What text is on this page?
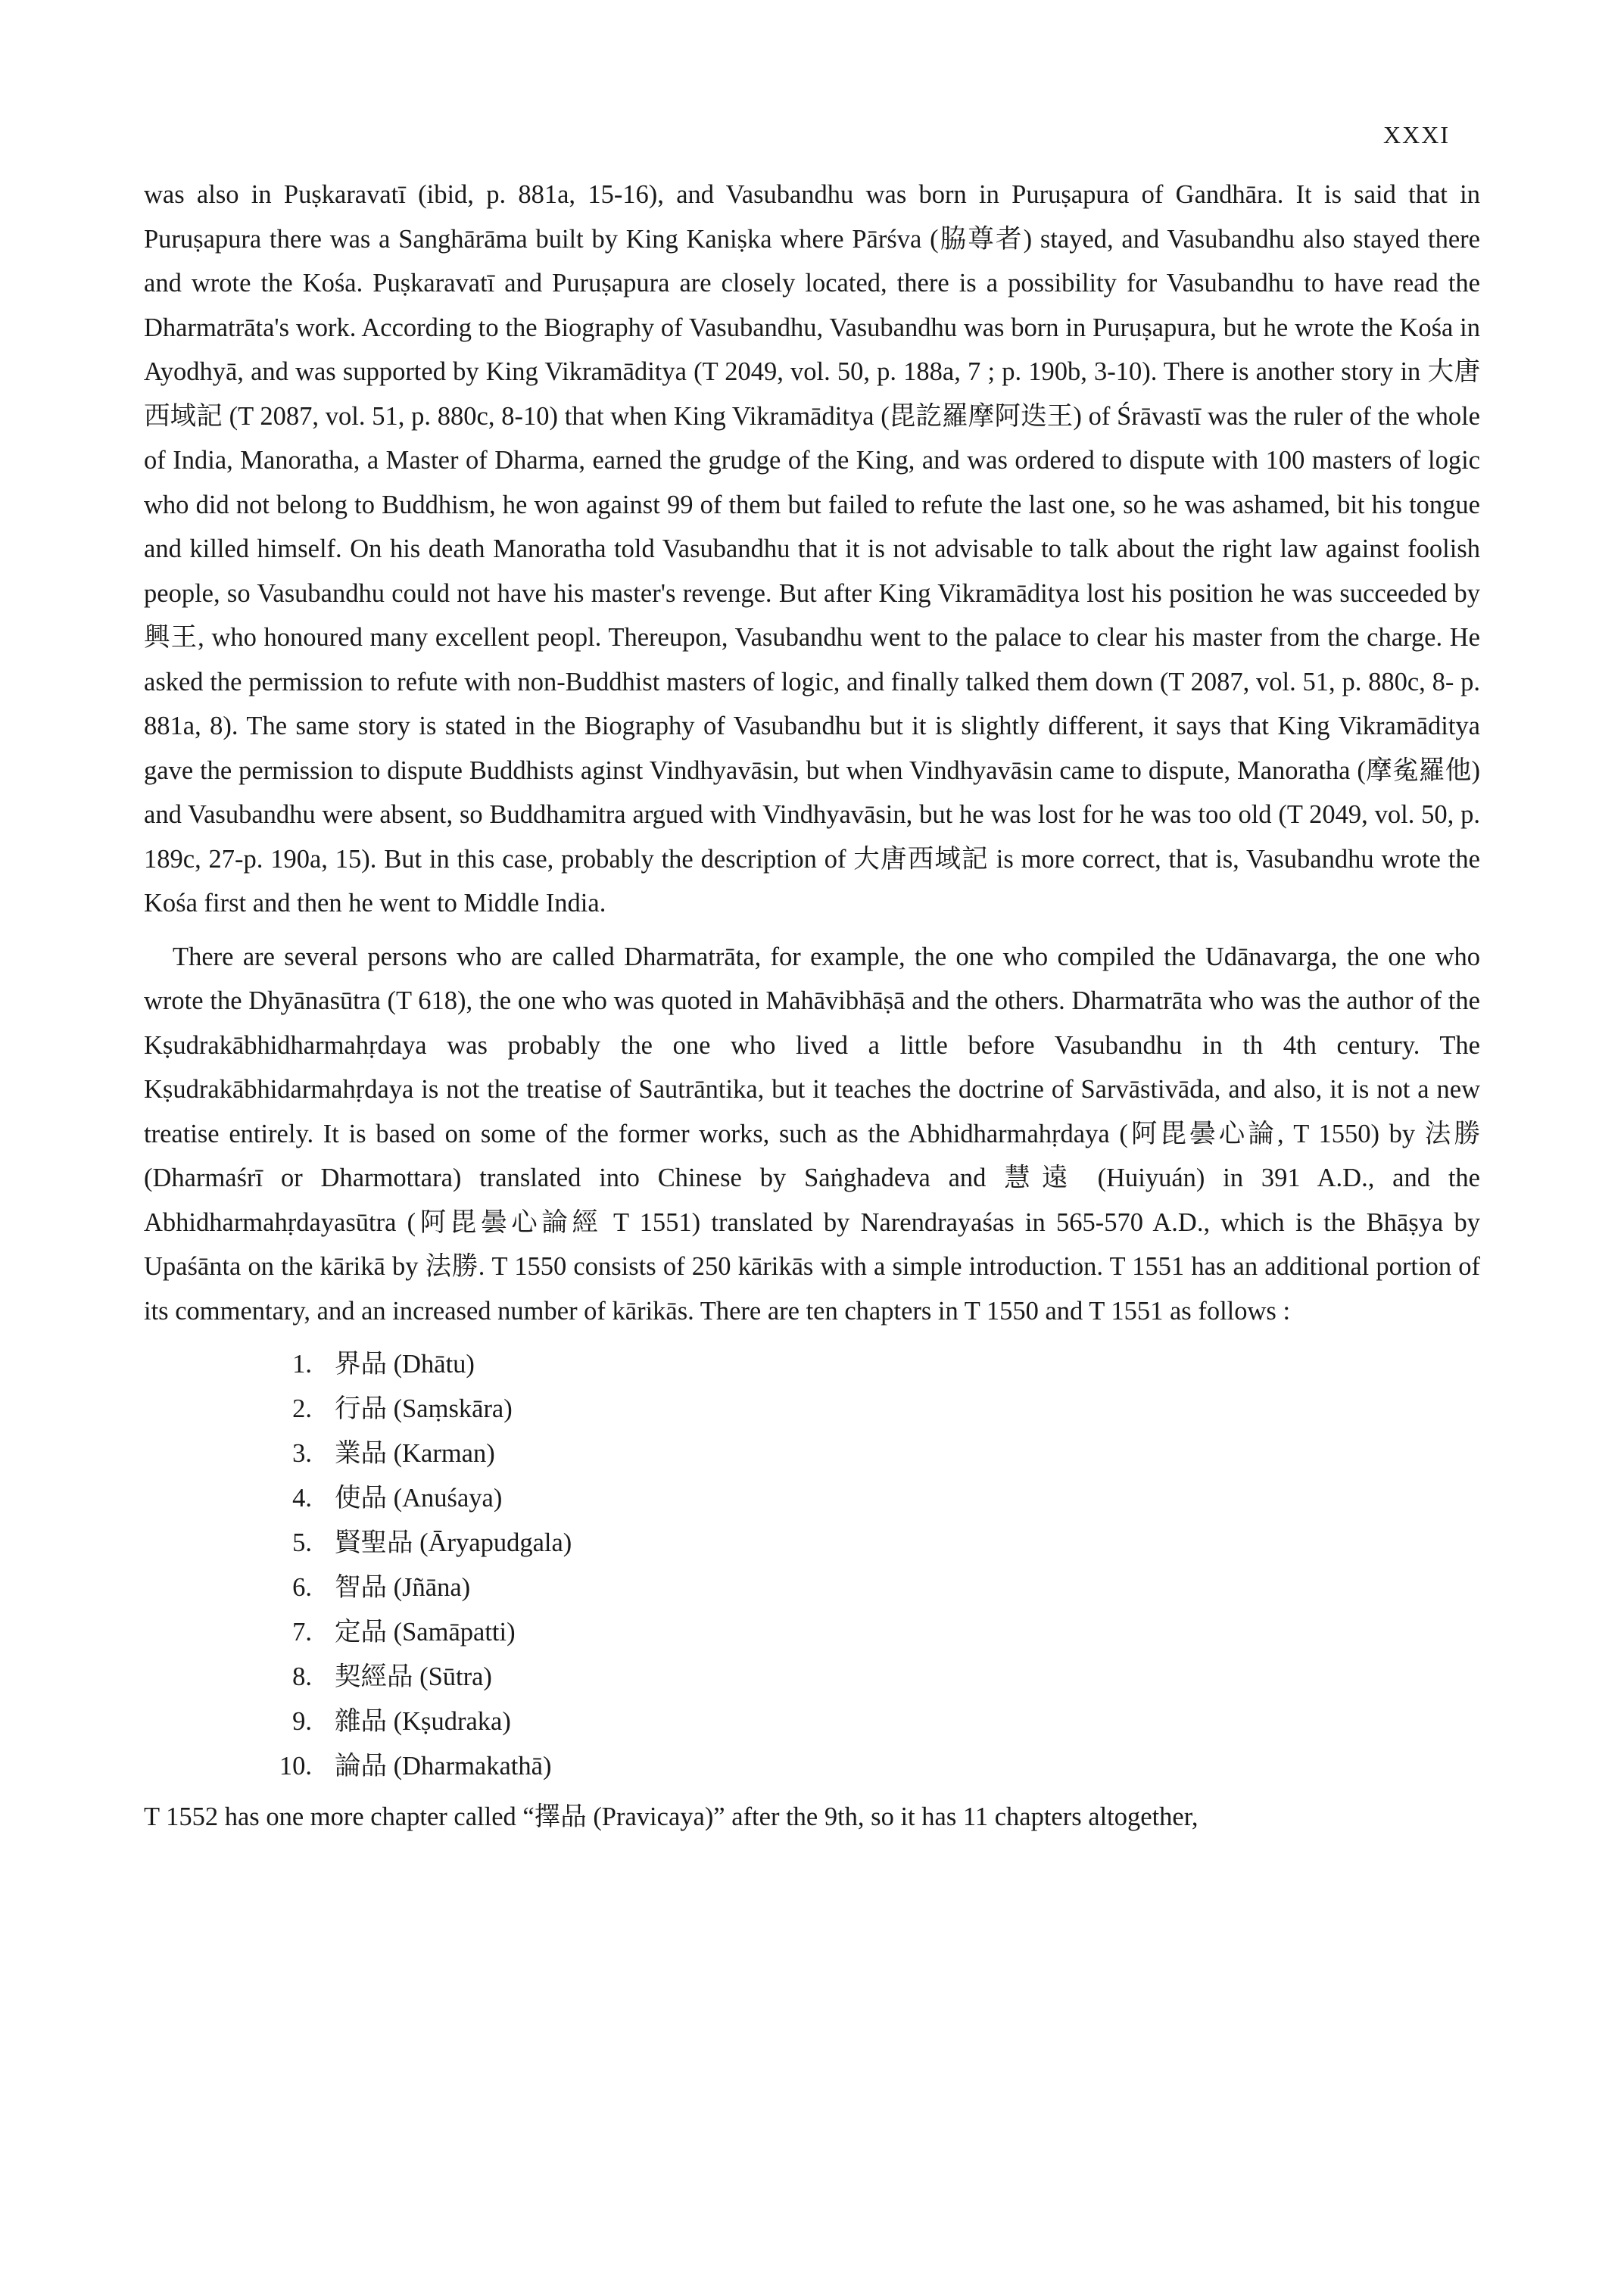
XXXI

was also in Puṣkaravatī (ibid, p. 881a, 15-16), and Vasubandhu was born in Puruṣapura of Gandhāra. It is said that in Puruṣapura there was a Sanghārāma built by King Kaniṣka where Pārśva (脇尊者) stayed, and Vasubandhu also stayed there and wrote the Kośa. Puṣkaravatī and Puruṣapura are closely located, there is a possibility for Vasubandhu to have read the Dharmatrāta's work. According to the Biography of Vasubandhu, Vasubandhu was born in Puruṣapura, but he wrote the Kośa in Ayodhyā, and was supported by King Vikramāditya (T 2049, vol. 50, p. 188a, 7 ; p. 190b, 3-10). There is another story in 大唐西域記 (T 2087, vol. 51, p. 880c, 8-10) that when King Vikramāditya (毘訖羅摩阿迭王) of Śrāvastī was the ruler of the whole of India, Manoratha, a Master of Dharma, earned the grudge of the King, and was ordered to dispute with 100 masters of logic who did not belong to Buddhism, he won against 99 of them but failed to refute the last one, so he was ashamed, bit his tongue and killed himself. On his death Manoratha told Vasubandhu that it is not advisable to talk about the right law against foolish people, so Vasubandhu could not have his master's revenge. But after King Vikramāditya lost his position he was succeeded by 興王, who honoured many excellent peopl. Thereupon, Vasubandhu went to the palace to clear his master from the charge. He asked the permission to refute with non-Buddhist masters of logic, and finally talked them down (T 2087, vol. 51, p. 880c, 8- p. 881a, 8). The same story is stated in the Biography of Vasubandhu but it is slightly different, it says that King Vikramāditya gave the permission to dispute Buddhists aginst Vindhyavāsin, but when Vindhyavāsin came to dispute, Manoratha (摩㝹羅他) and Vasubandhu were absent, so Buddhamitra argued with Vindhyavāsin, but he was lost for he was too old (T 2049, vol. 50, p. 189c, 27-p. 190a, 15). But in this case, probably the description of 大唐西域記 is more correct, that is, Vasubandhu wrote the Kośa first and then he went to Middle India.

There are several persons who are called Dharmatrāta, for example, the one who compiled the Udānavarga, the one who wrote the Dhyānasūtra (T 618), the one who was quoted in Mahāvibhāṣā and the others. Dharmatrāta who was the author of the Kṣudrakābhidharmahṛdaya was probably the one who lived a little before Vasubandhu in th 4th century. The Kṣudrakābhidarmahṛdaya is not the treatise of Sautrāntika, but it teaches the doctrine of Sarvāstivāda, and also, it is not a new treatise entirely. It is based on some of the former works, such as the Abhidharmahṛdaya (阿毘曇心論, T 1550) by 法勝 (Dharmaśrī or Dharmottara) translated into Chinese by Saṅghadeva and 慧遠 (Huiyuán) in 391 A.D., and the Abhidharmahṛdayasūtra (阿毘曇心論經 T 1551) translated by Narendrayaśas in 565-570 A.D., which is the Bhāṣya by Upaśānta on the kārikā by 法勝. T 1550 consists of 250 kārikās with a simple introduction. T 1551 has an additional portion of its commentary, and an increased number of kārikās. There are ten chapters in T 1550 and T 1551 as follows :

1. 界品 (Dhātu)
2. 行品 (Saṃskāra)
3. 業品 (Karman)
4. 使品 (Anuśaya)
5. 賢聖品 (Āryapudgala)
6. 智品 (Jñāna)
7. 定品 (Samāpatti)
8. 契經品 (Sūtra)
9. 雜品 (Kṣudraka)
10. 論品 (Dharmakathā)

T 1552 has one more chapter called “擇品 (Pravicaya)” after the 9th, so it has 11 chapters altogether,
